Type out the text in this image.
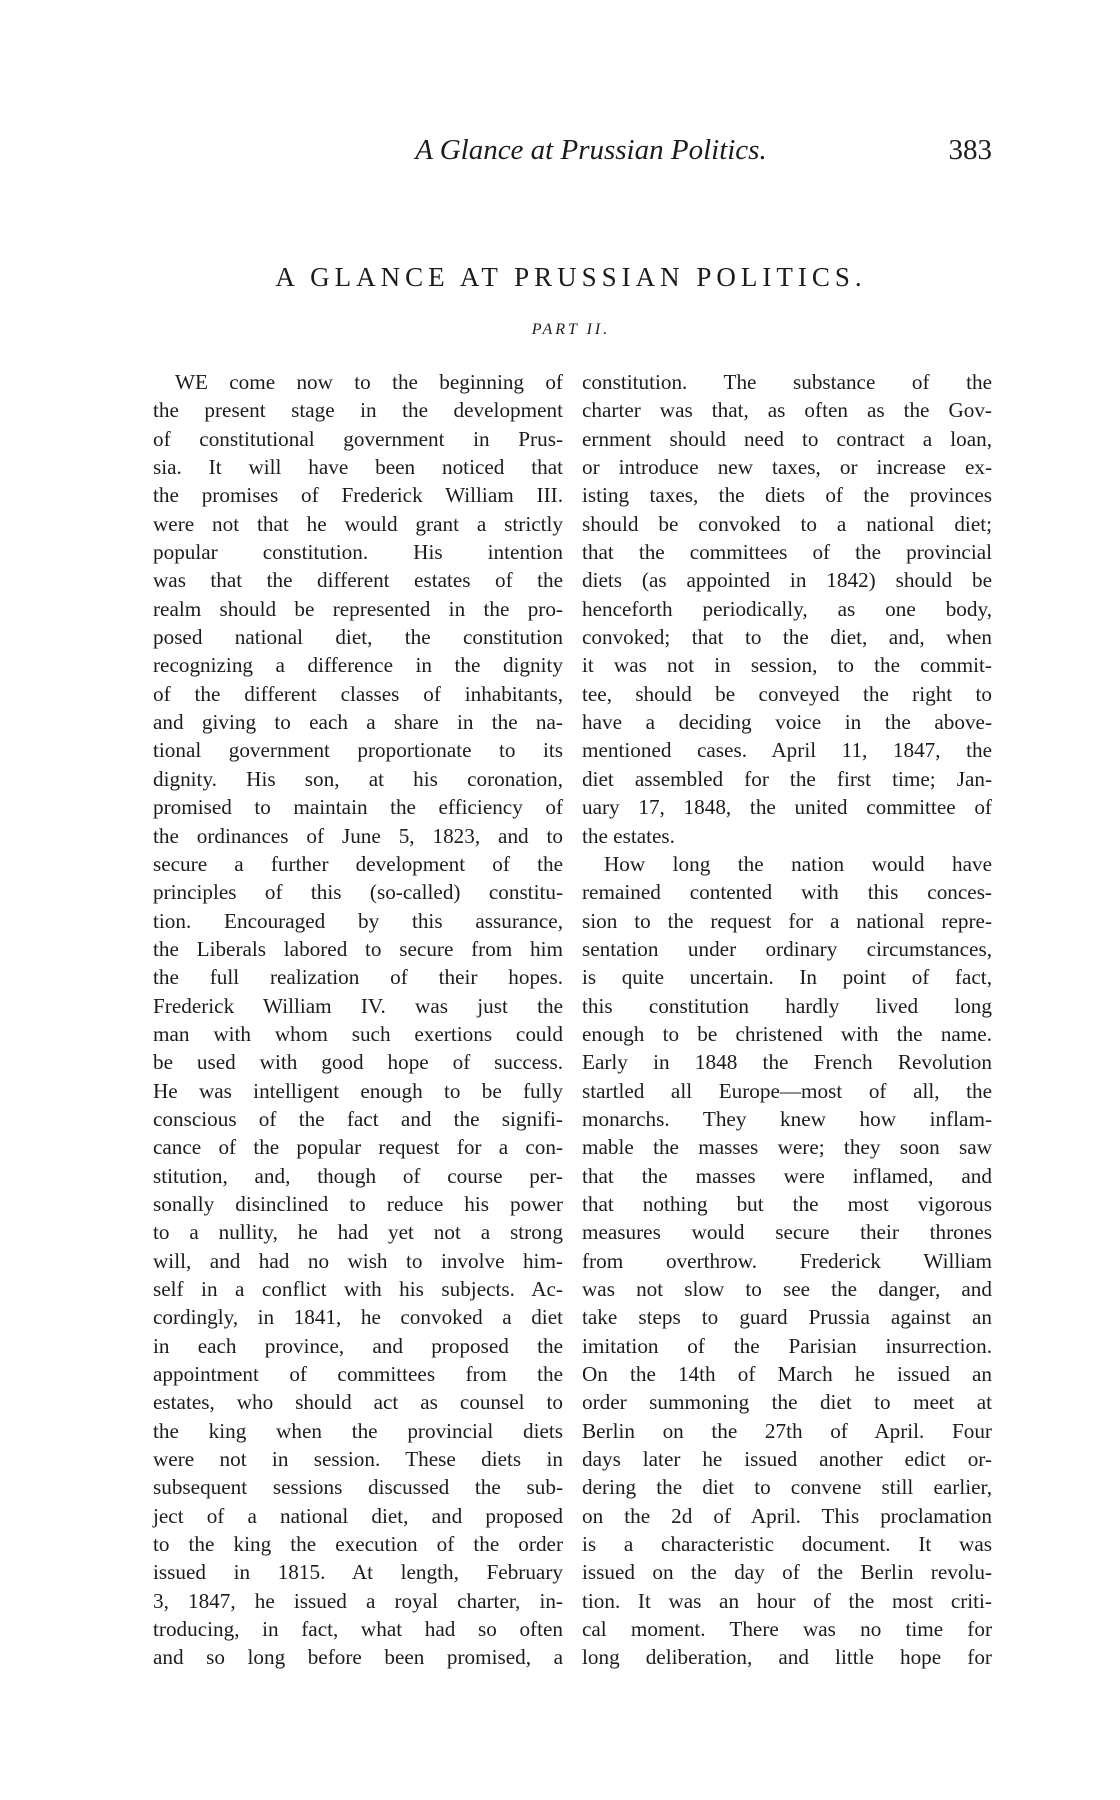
A Glance at Prussian Politics.	383
A GLANCE AT PRUSSIAN POLITICS.
PART II.
WE come now to the beginning of
the present stage in the development
of constitutional government in Prus-
sia. It will have been noticed that
the promises of Frederick William III.
were not that he would grant a strictly
popular constitution. His intention
was that the different estates of the
realm should be represented in the pro-
posed national diet, the constitution
recognizing a difference in the dignity
of the different classes of inhabitants,
and giving to each a share in the na-
tional government proportionate to its
dignity. His son, at his coronation,
promised to maintain the efficiency of
the ordinances of June 5, 1823, and to
secure a further development of the
principles of this (so-called) constitu-
tion. Encouraged by this assurance,
the Liberals labored to secure from him
the full realization of their hopes.
Frederick William IV. was just the
man with whom such exertions could
be used with good hope of success.
He was intelligent enough to be fully
conscious of the fact and the signifi-
cance of the popular request for a con-
stitution, and, though of course per-
sonally disinclined to reduce his power
to a nullity, he had yet not a strong
will, and had no wish to involve him-
self in a conflict with his subjects. Ac-
cordingly, in 1841, he convoked a diet
in each province, and proposed the
appointment of committees from the
estates, who should act as counsel to
the king when the provincial diets
were not in session. These diets in
subsequent sessions discussed the sub-
ject of a national diet, and proposed
to the king the execution of the order
issued in 1815. At length, February
3, 1847, he issued a royal charter, in-
troducing, in fact, what had so often
and so long before been promised, a
constitution. The substance of the
charter was that, as often as the Gov-
ernment should need to contract a loan,
or introduce new taxes, or increase ex-
isting taxes, the diets of the provinces
should be convoked to a national diet;
that the committees of the provincial
diets (as appointed in 1842) should be
henceforth periodically, as one body,
convoked; that to the diet, and, when
it was not in session, to the commit-
tee, should be conveyed the right to
have a deciding voice in the above-
mentioned cases. April 11, 1847, the
diet assembled for the first time; Jan-
uary 17, 1848, the united committee of
the estates.
How long the nation would have
remained contented with this conces-
sion to the request for a national repre-
sentation under ordinary circumstances,
is quite uncertain. In point of fact,
this constitution hardly lived long
enough to be christened with the name.
Early in 1848 the French Revolution
startled all Europe—most of all, the
monarchs. They knew how inflam-
mable the masses were; they soon saw
that the masses were inflamed, and
that nothing but the most vigorous
measures would secure their thrones
from overthrow. Frederick William
was not slow to see the danger, and
take steps to guard Prussia against an
imitation of the Parisian insurrection.
On the 14th of March he issued an
order summoning the diet to meet at
Berlin on the 27th of April. Four
days later he issued another edict or-
dering the diet to convene still earlier,
on the 2d of April. This proclamation
is a characteristic document. It was
issued on the day of the Berlin revolu-
tion. It was an hour of the most criti-
cal moment. There was no time for
long deliberation, and little hope for
